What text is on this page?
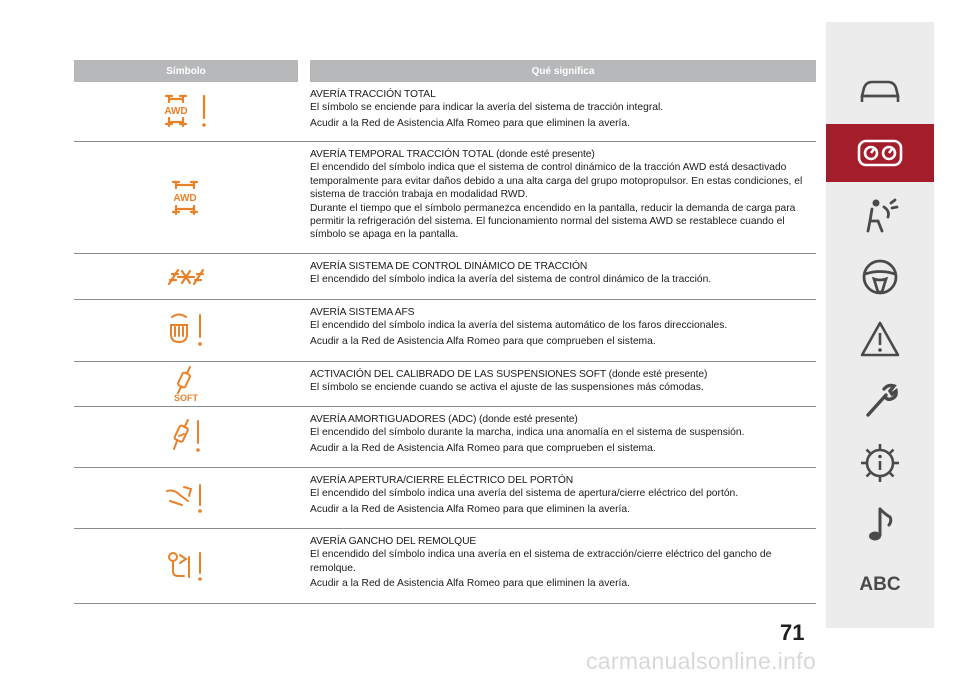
Símbolo	Qué significa
AWD

AVERÍA TRACCIÓN TOTAL

El símbolo se enciende para indicar la avería del sistema de tracción integral.

Acudir a la Red de Asistencia Alfa Romeo para que eliminen la avería.

AWD

AVERÍA TEMPORAL TRACCIÓN TOTAL (donde esté presente)

El encendido del símbolo indica que el sistema de control dinámico de la tracción AWD está desactivado temporalmente para evitar daños debido a una alta carga del grupo motopropulsor. En estas condiciones, el sistema de tracción trabaja en modalidad RWD.

Durante el tiempo que el símbolo permanezca encendido en la pantalla, reducir la demanda de carga para permitir la refrigeración del sistema. El funcionamiento normal del sistema AWD se restablece cuando el símbolo se apaga en la pantalla.

AVERÍA SISTEMA DE CONTROL DINÁMICO DE TRACCIÓN

El encendido del símbolo indica la avería del sistema de control dinámico de la tracción.

AVERÍA SISTEMA AFS

El encendido del símbolo indica la avería del sistema automático de los faros direccionales.

Acudir a la Red de Asistencia Alfa Romeo para que comprueben el sistema.

SOFT

ACTIVACIÓN DEL CALIBRADO DE LAS SUSPENSIONES SOFT (donde esté presente)

El símbolo se enciende cuando se activa el ajuste de las suspensiones más cómodas.

AVERÍA AMORTIGUADORES (ADC) (donde esté presente)

El encendido del símbolo durante la marcha, indica una anomalía en el sistema de suspensión.

Acudir a la Red de Asistencia Alfa Romeo para que comprueben el sistema.

AVERÍA APERTURA/CIERRE ELÉCTRICO DEL PORTÓN

El encendido del símbolo indica una avería del sistema de apertura/cierre eléctrico del portón.

Acudir a la Red de Asistencia Alfa Romeo para que eliminen la avería.

AVERÍA GANCHO DEL REMOLQUE

El encendido del símbolo indica una avería en el sistema de extracción/cierre eléctrico del gancho de remolque.

Acudir a la Red de Asistencia Alfa Romeo para que eliminen la avería.	ABC
71
carmanualsonline.info
